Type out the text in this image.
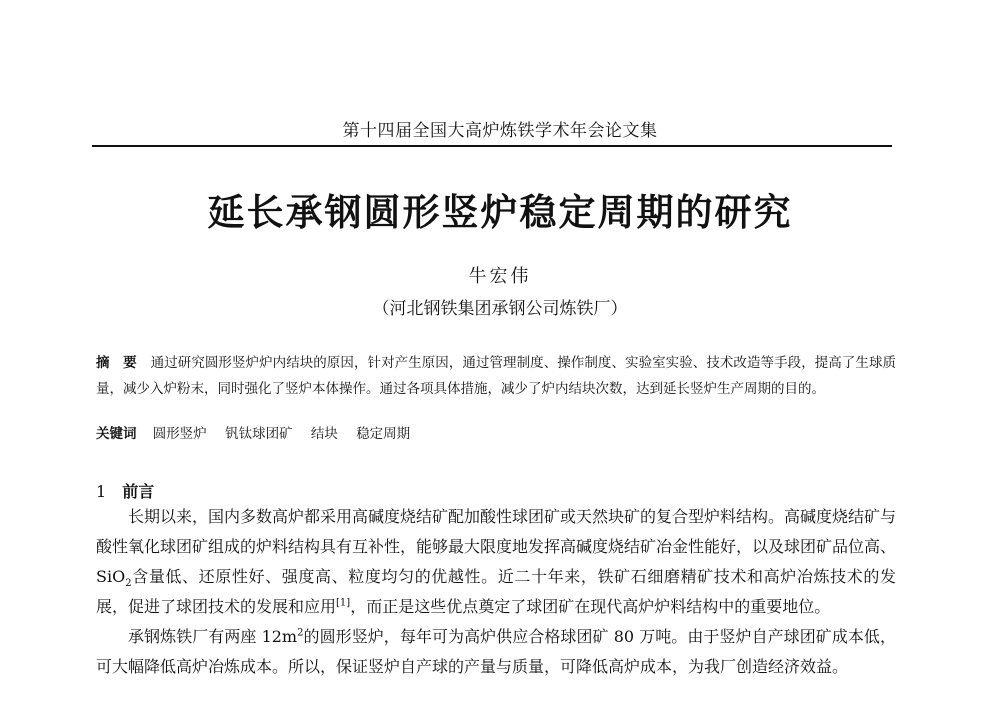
第十四届全国大高炉炼铁学术年会论文集
延长承钢圆形竖炉稳定周期的研究
牛宏伟
（河北钢铁集团承钢公司炼铁厂）
摘　要 通过研究圆形竖炉炉内结块的原因，针对产生原因，通过管理制度、操作制度、实验室实验、技术改造等手段，提高了生球质量，减少入炉粉末，同时强化了竖炉本体操作。通过各项具体措施，减少了炉内结块次数，达到延长竖炉生产周期的目的。
关键词 圆形竖炉 钒钛球团矿 结块 稳定周期
1 前言

长期以来，国内多数高炉都采用高碱度烧结矿配加酸性球团矿或天然块矿的复合型炉料结构。高碱度烧结矿与酸性氧化球团矿组成的炉料结构具有互补性，能够最大限度地发挥高碱度烧结矿冶金性能好，以及球团矿品位高、SiO$_2$含量低、还原性好、强度高、粒度均匀的优越性。近二十年来，铁矿石细磨精矿技术和高炉冶炼技术的发展，促进了球团技术的发展和应用[1]，而正是这些优点奠定了球团矿在现代高炉炉料结构中的重要地位。

承钢炼铁厂有两座 $12m^2$的圆形竖炉，每年可为高炉供应合格球团矿 80 万吨。由于竖炉自产球团矿成本低，可大幅降低高炉冶炼成本。所以，保证竖炉自产球的产量与质量，可降低高炉成本，为我厂创造经济效益。
